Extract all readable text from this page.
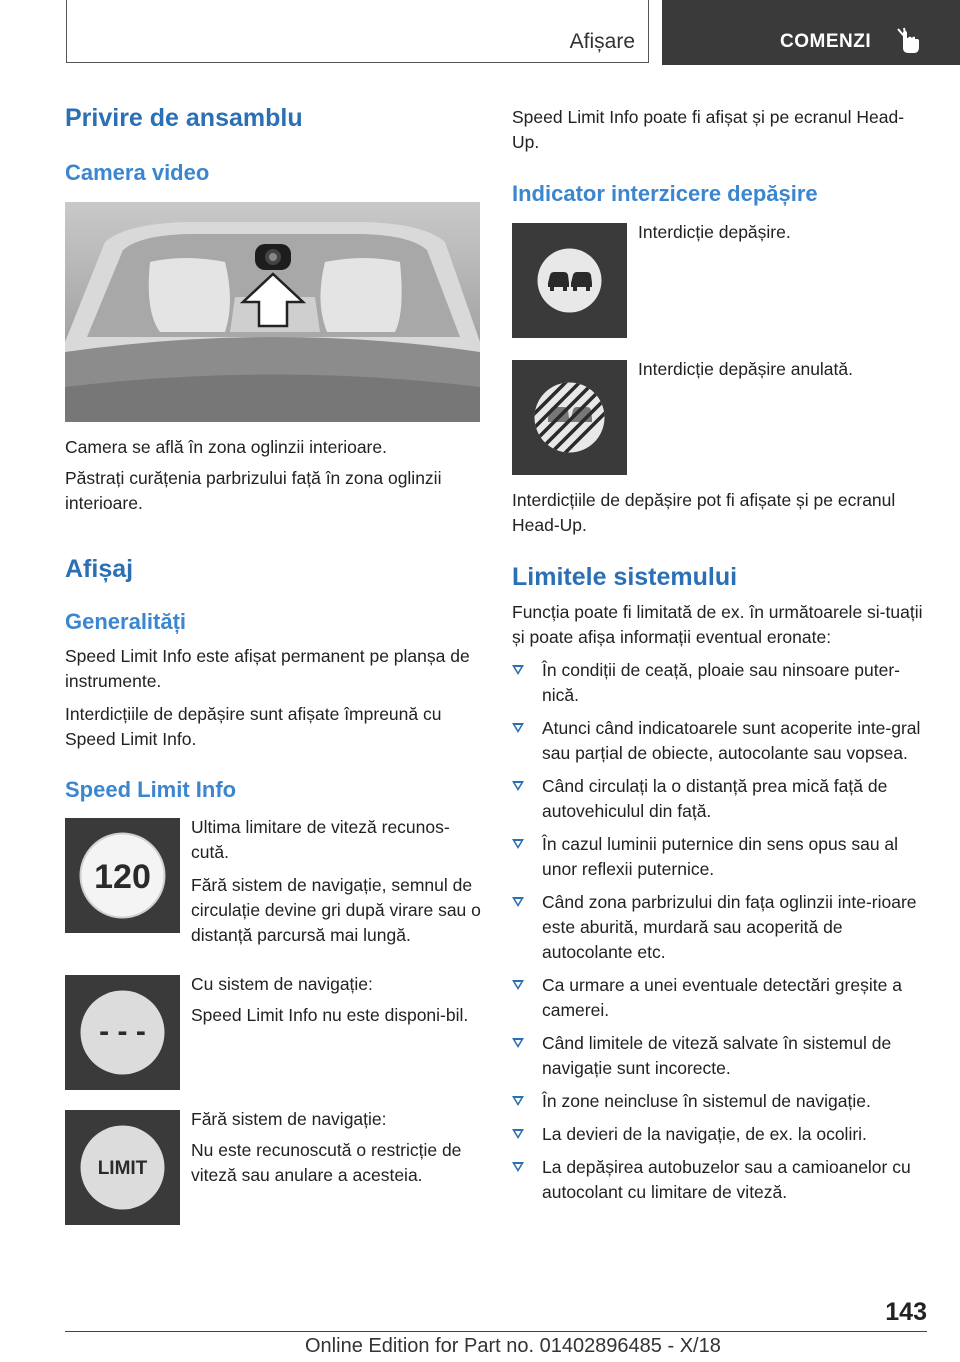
Afișare	COMENZI
Privire de ansamblu
Camera video
Camera se află în zona oglinzii interioare.
Păstrați curățenia parbrizului față în zona oglinzii interioare.
Afișaj
Generalități
Speed Limit Info este afișat permanent pe planșa de instrumente.
Interdicțiile de depășire sunt afișate împreună cu Speed Limit Info.
Speed Limit Info
120
Ultima limitare de viteză recunos-cută.
Fără sistem de navigație, semnul de circulație devine gri după virare sau o distanță parcursă mai lungă.
- - -
Cu sistem de navigație:
Speed Limit Info nu este disponi-bil.
LIMIT
Fără sistem de navigație:
Nu este recunoscută o restricție de viteză sau anulare a acesteia.
Speed Limit Info poate fi afișat și pe ecranul Head-Up.
Indicator interzicere depășire
Interdicție depășire.
Interdicție depășire anulată.
Interdicțiile de depășire pot fi afișate și pe ecranul Head-Up.
Limitele sistemului
Funcția poate fi limitată de ex. în următoarele si-tuații și poate afișa informații eventual eronate:
În condiții de ceață, ploaie sau ninsoare puter-nică.
Atunci când indicatoarele sunt acoperite inte-gral sau parțial de obiecte, autocolante sau vopsea.
Când circulați la o distanță prea mică față de autovehiculul din față.
În cazul luminii puternice din sens opus sau al unor reflexii puternice.
Când zona parbrizului din fața oglinzii inte-rioare este aburită, murdară sau acoperită de autocolante etc.
Ca urmare a unei eventuale detectări greșite a camerei.
Când limitele de viteză salvate în sistemul de navigație sunt incorecte.
În zone neincluse în sistemul de navigație.
La devieri de la navigație, de ex. la ocoliri.
La depășirea autobuzelor sau a camioanelor cu autocolant cu limitare de viteză.
143
Online Edition for Part no. 01402896485 - X/18
